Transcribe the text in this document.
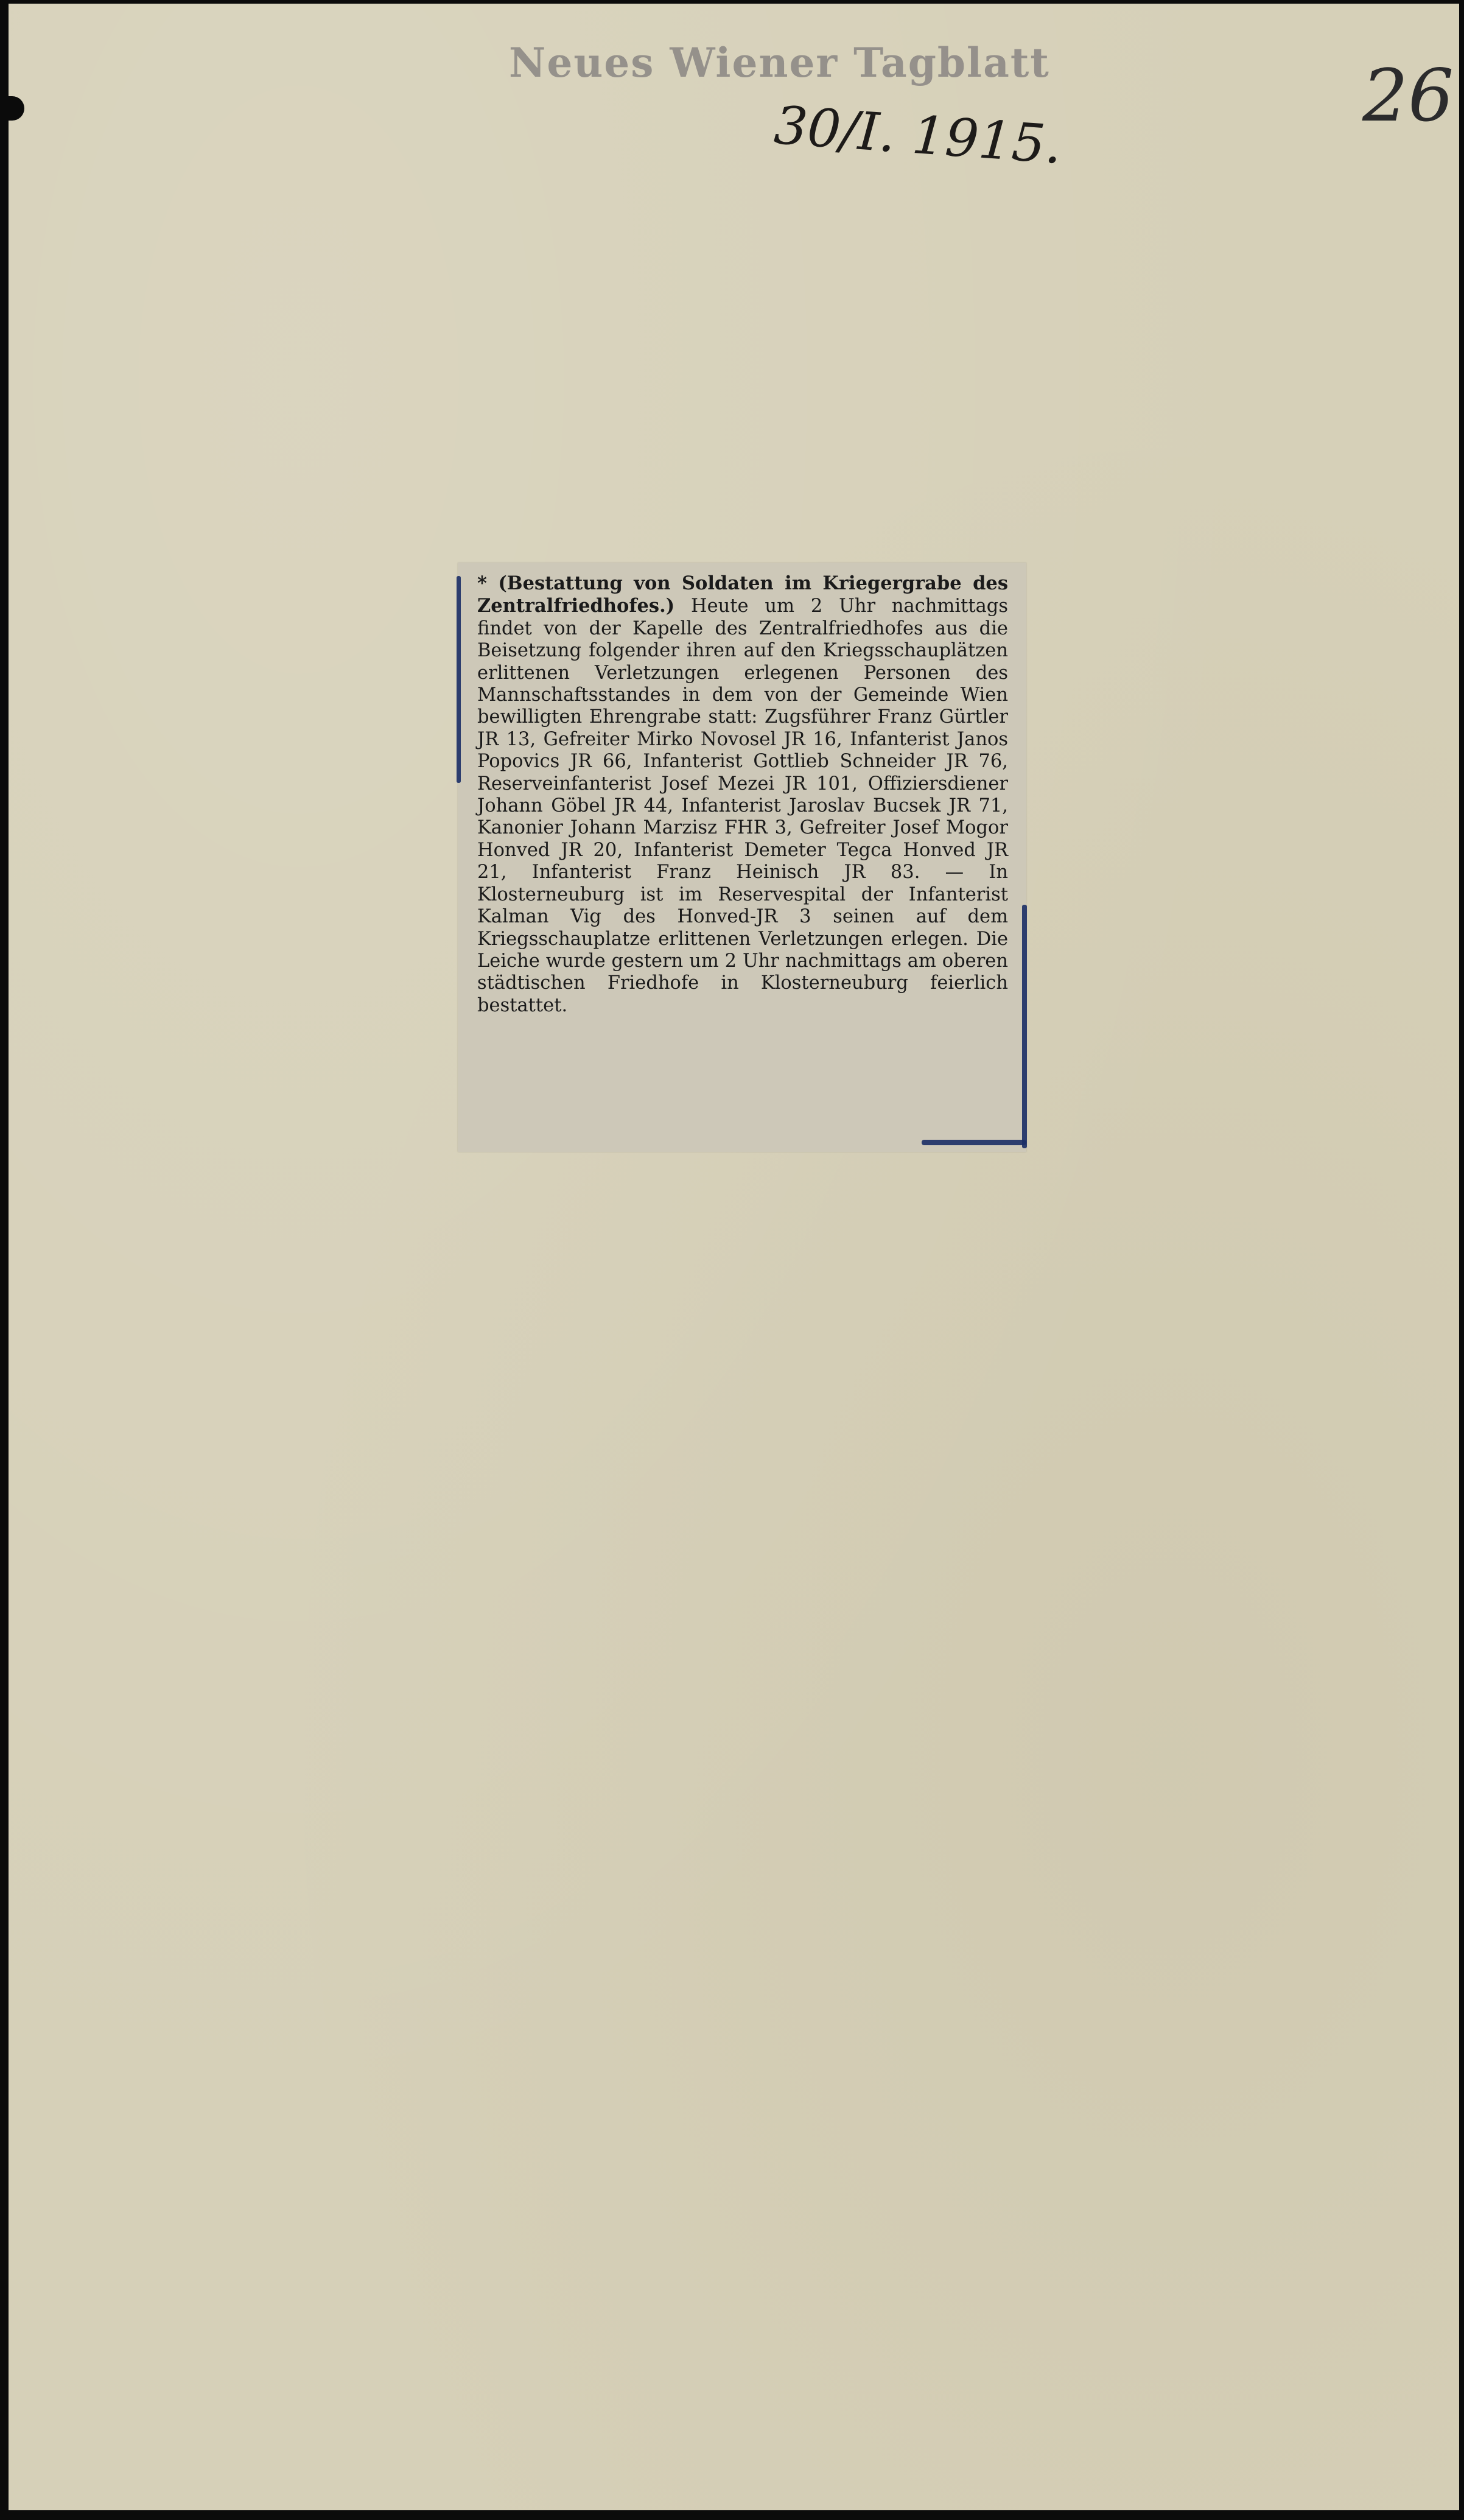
Neues Wiener Tagblatt
30/I. 1915.	26

* (Bestattung von Soldaten im Kriegergrabe des Zentralfriedhofes.) Heute um 2 Uhr nachmittags findet von der Kapelle des Zentralfriedhofes aus die Beisetzung folgender ihren auf den Kriegsschauplätzen erlittenen Verletzungen erlegenen Personen des Mannschaftsstandes in dem von der Gemeinde Wien bewilligten Ehrengrabe statt: Zugsführer Franz Gürtler JR 13, Gefreiter Mirko Novosel JR 16, Infanterist Janos Popovics JR 66, Infanterist Gottlieb Schneider JR 76, Reserveinfanterist Josef Mezei JR 101, Offiziersdiener Johann Göbel JR 44, Infanterist Jaroslav Bucsek JR 71, Kanonier Johann Marzisz FHR 3, Gefreiter Josef Mogor Honved JR 20, Infanterist Demeter Tegca Honved JR 21, Infanterist Franz Heinisch JR 83. — In Klosterneuburg ist im Reservespital der Infanterist Kalman Vig des Honved-JR 3 seinen auf dem Kriegsschauplatze erlittenen Verletzungen erlegen. Die Leiche wurde gestern um 2 Uhr nachmittags am oberen städtischen Friedhofe in Klosterneuburg feierlich bestattet.
